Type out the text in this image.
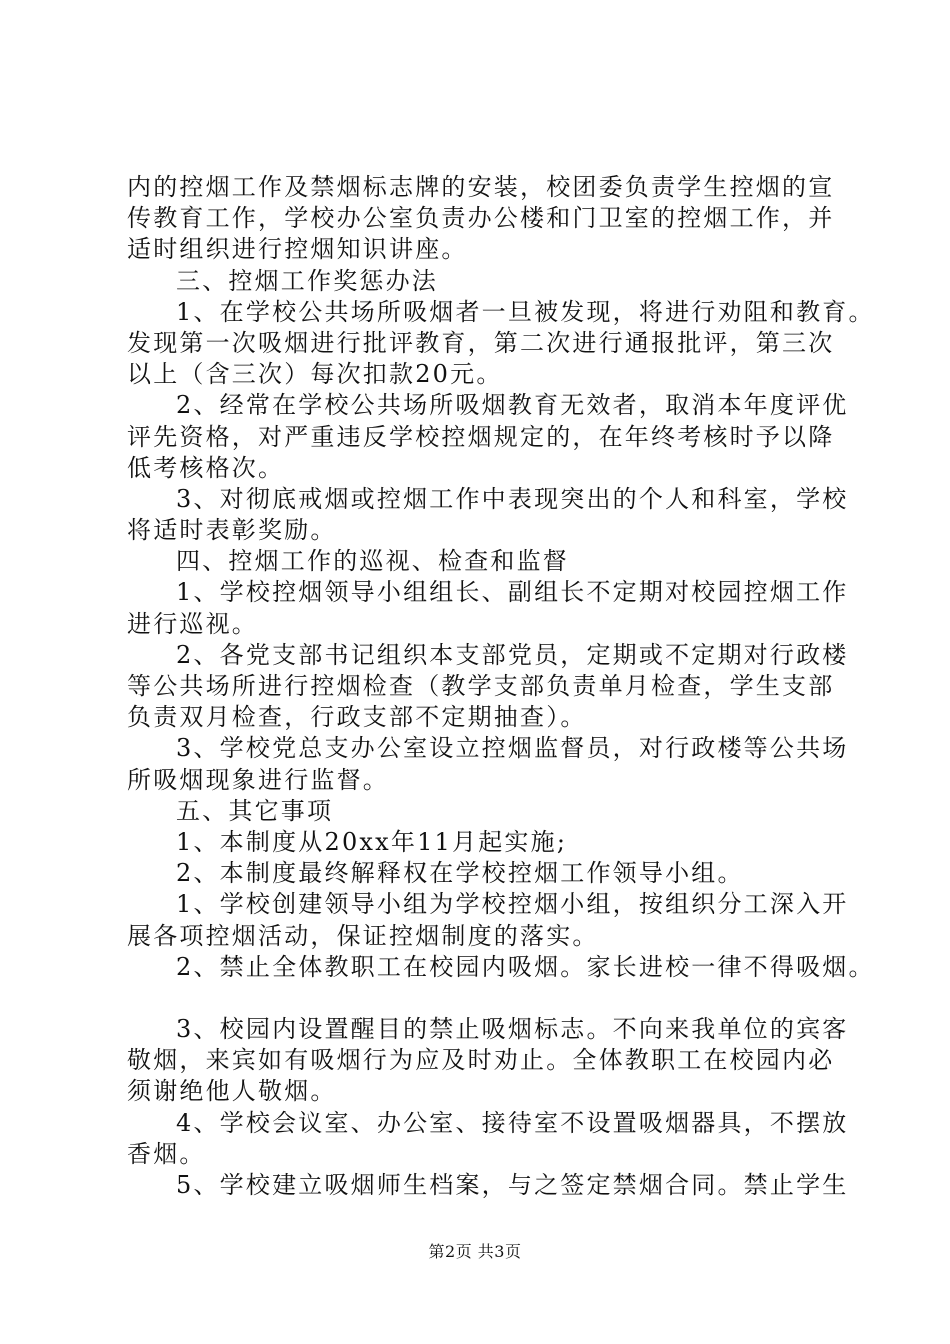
内的控烟工作及禁烟标志牌的安装，校团委负责学生控烟的宣
传教育工作，学校办公室负责办公楼和门卫室的控烟工作，并
适时组织进行控烟知识讲座。
三、控烟工作奖惩办法
1、在学校公共场所吸烟者一旦被发现，将进行劝阻和教育。
发现第一次吸烟进行批评教育，第二次进行通报批评，第三次
以上（含三次）每次扣款20元。
2、经常在学校公共场所吸烟教育无效者，取消本年度评优
评先资格，对严重违反学校控烟规定的，在年终考核时予以降
低考核格次。
3、对彻底戒烟或控烟工作中表现突出的个人和科室，学校
将适时表彰奖励。
四、控烟工作的巡视、检查和监督
1、学校控烟领导小组组长、副组长不定期对校园控烟工作
进行巡视。
2、各党支部书记组织本支部党员，定期或不定期对行政楼
等公共场所进行控烟检查（教学支部负责单月检查，学生支部
负责双月检查，行政支部不定期抽查）。
3、学校党总支办公室设立控烟监督员，对行政楼等公共场
所吸烟现象进行监督。
五、其它事项
1、本制度从20xx年11月起实施;
2、本制度最终解释权在学校控烟工作领导小组。
1、学校创建领导小组为学校控烟小组，按组织分工深入开
展各项控烟活动，保证控烟制度的落实。
2、禁止全体教职工在校园内吸烟。家长进校一律不得吸烟。
3、校园内设置醒目的禁止吸烟标志。不向来我单位的宾客
敬烟，来宾如有吸烟行为应及时劝止。全体教职工在校园内必
须谢绝他人敬烟。
4、学校会议室、办公室、接待室不设置吸烟器具，不摆放
香烟。
5、学校建立吸烟师生档案，与之签定禁烟合同。禁止学生
第2页 共3页
